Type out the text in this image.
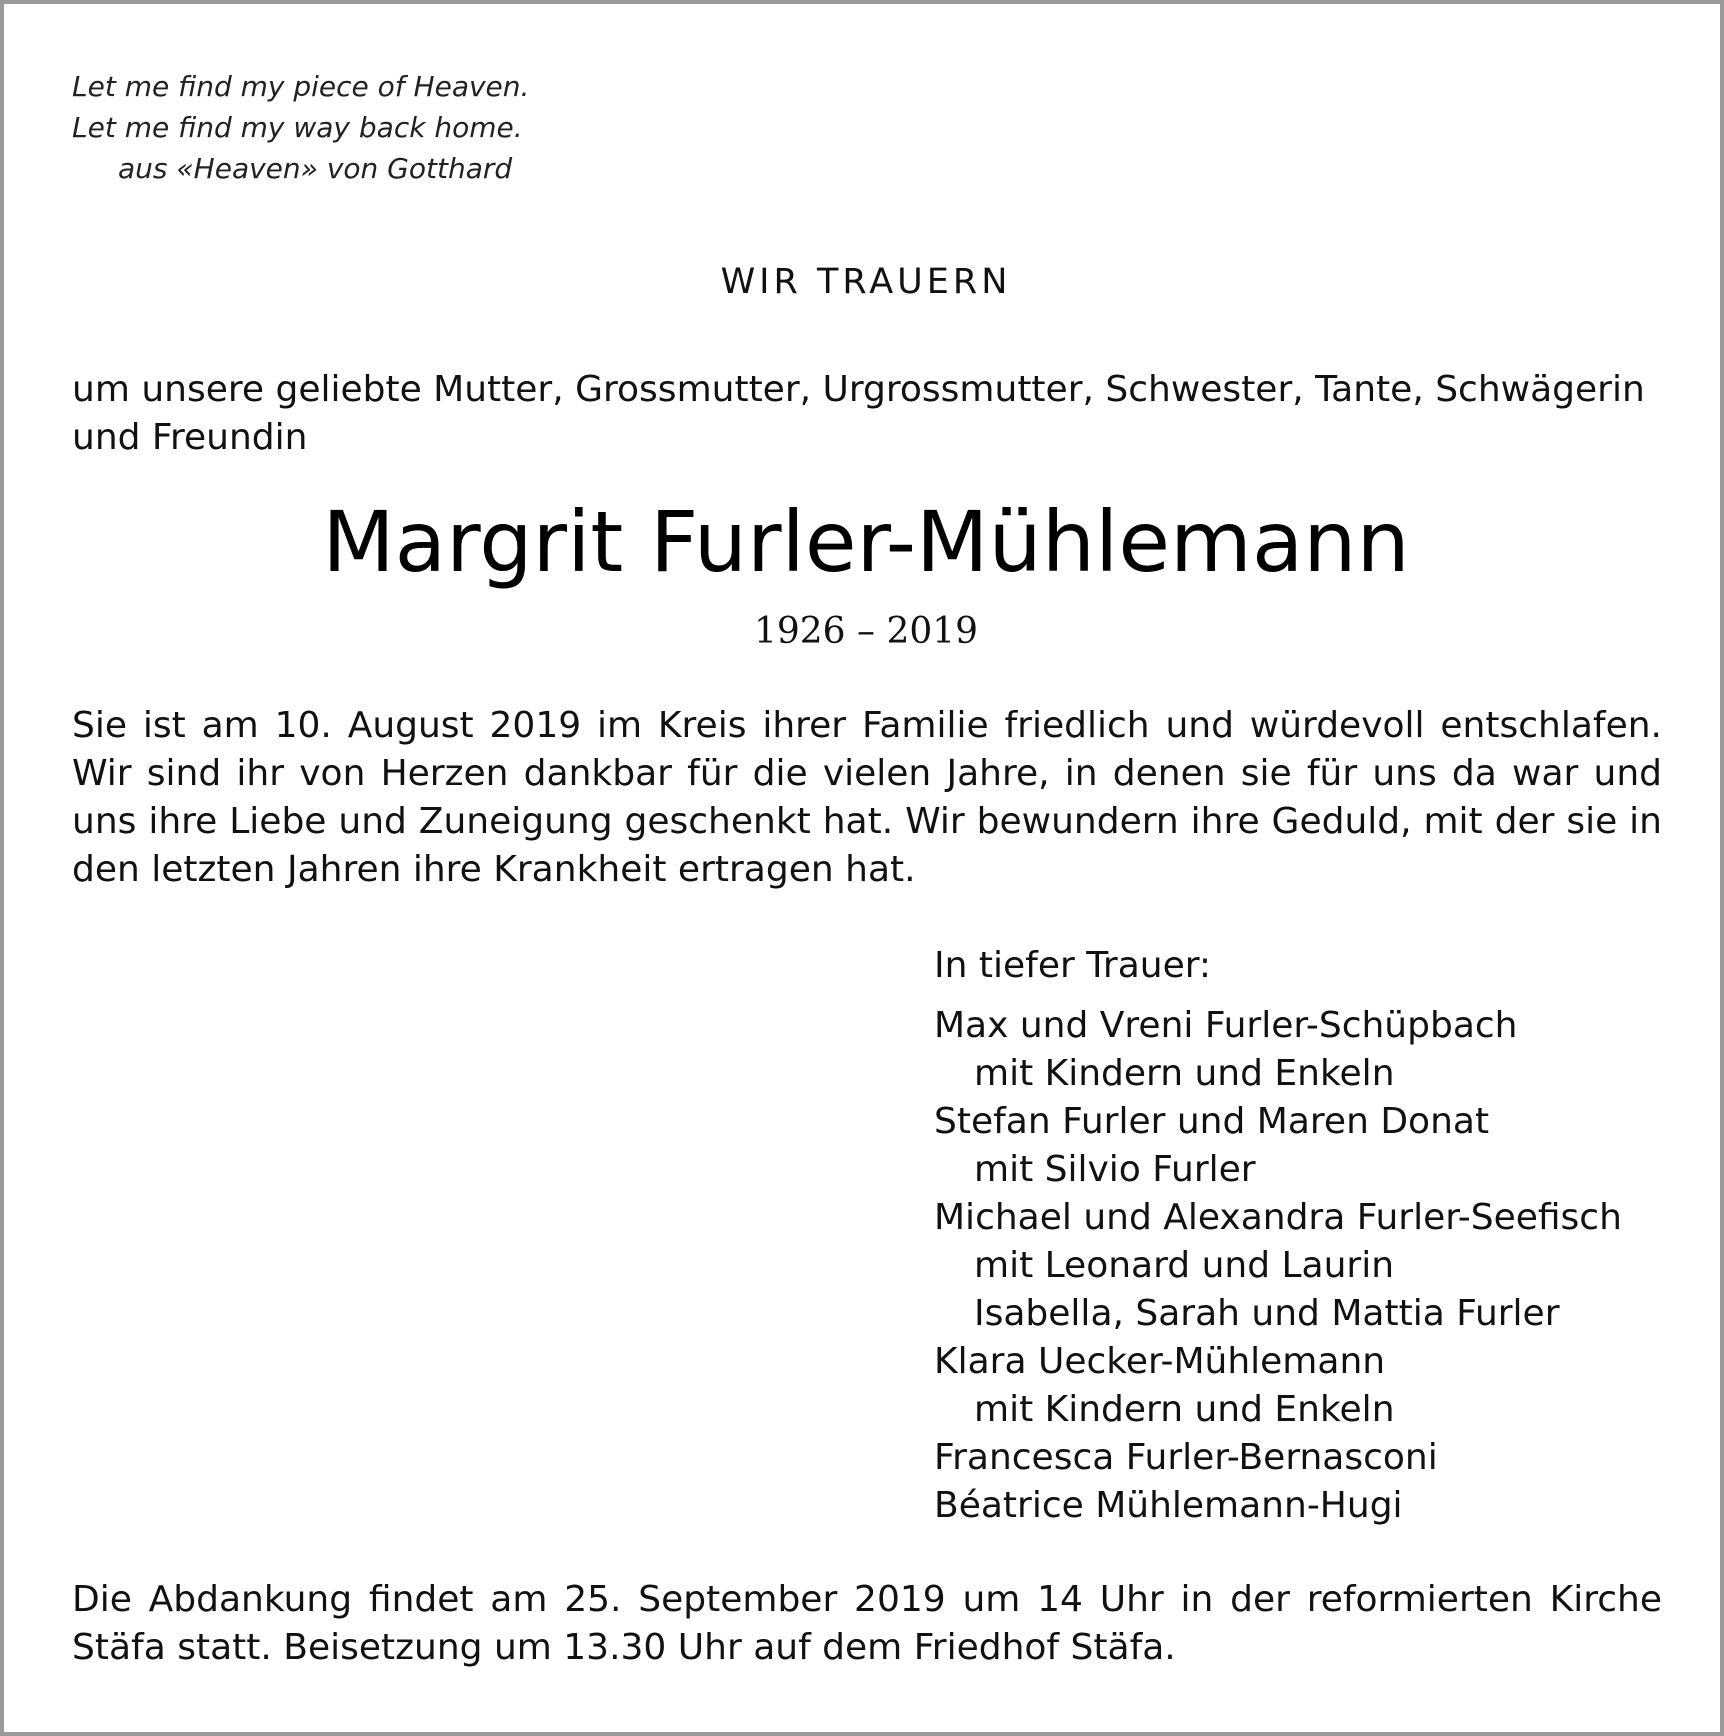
Let me find my piece of Heaven.
Let me find my way back home.
aus «Heaven» von Gotthard
WIR TRAUERN
um unsere geliebte Mutter, Grossmutter, Urgrossmutter, Schwester, Tante, Schwägerin und Freundin
Margrit Furler-Mühlemann
1926 – 2019
Sie ist am 10. August 2019 im Kreis ihrer Familie friedlich und würdevoll entschlafen. Wir sind ihr von Herzen dankbar für die vielen Jahre, in denen sie für uns da war und uns ihre Liebe und Zuneigung geschenkt hat. Wir bewundern ihre Geduld, mit der sie in den letzten Jahren ihre Krankheit ertragen hat.
In tiefer Trauer:
Max und Vreni Furler-Schüpbach
mit Kindern und Enkeln
Stefan Furler und Maren Donat
mit Silvio Furler
Michael und Alexandra Furler-Seefisch
mit Leonard und Laurin
Isabella, Sarah und Mattia Furler
Klara Uecker-Mühlemann
mit Kindern und Enkeln
Francesca Furler-Bernasconi
Béatrice Mühlemann-Hugi
Die Abdankung findet am 25. September 2019 um 14 Uhr in der reformierten Kirche Stäfa statt. Beisetzung um 13.30 Uhr auf dem Friedhof Stäfa.
